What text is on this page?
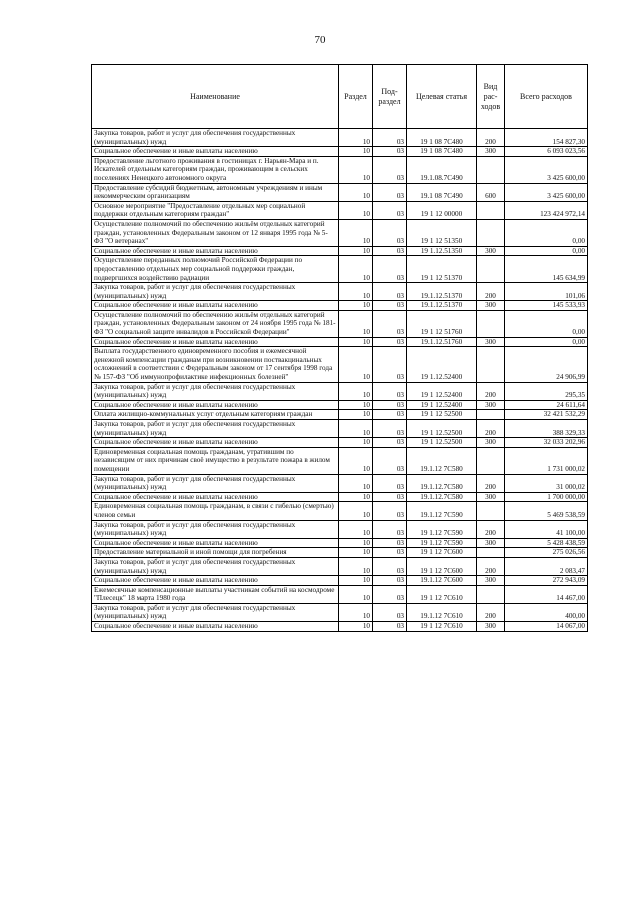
70
Наименование	Раздел	Под-раздел	Целевая статья	Вид рас-ходов	Всего расходов
Закупка товаров, работ и услуг для обеспечения государственных (муниципальных) нужд	10	03	19 1 08 7С480	200	154 827,30
Социальное обеспечение и иные выплаты населению	10	03	19 1 08 7С480	300	6 093 023,56
Предоставление льготного проживания в гостиницах г. Нарьян-Мара и п. Искателей отдельным категориям граждан, проживающим в сельских поселениях Ненецкого автономного округа	10	03	19.1.08.7С490		3 425 600,00
Предоставление субсидий бюджетным, автономным учреждениям и иным некоммерческим организациям	10	03	19.1 08 7С490	600	3 425 600,00
Основное мероприятие "Предоставление отдельных мер социальной поддержки отдельным категориям граждан"	10	03	19 1 12 00000		123 424 972,14
Осуществление полномочий по обеспечению жильём отдельных категорий граждан, установленных Федеральным законом от 12 января 1995 года № 5-ФЗ "О ветеранах"	10	03	19 1 12 51350		0,00
Социальное обеспечение и иные выплаты населению	10	03	19 1.12.51350	300	0,00
Осуществление переданных полномочий Российской Федерации по предоставлению отдельных мер социальной поддержки граждан, подвергшихся воздействию радиации	10	03	19 1 12 51370		145 634,99
Закупка товаров, работ и услуг для обеспечения государственных (муниципальных) нужд	10	03	19.1.12.51370	200	101,06
Социальное обеспечение и иные выплаты населению	10	03	19.1.12.51370	300	145 533,93
Осуществление полномочий по обеспечению жильём отдельных категорий граждан, установленных Федеральным законом от 24 ноября 1995 года № 181-ФЗ "О социальной защите инвалидов в Российской Федерации"	10	03	19 1 12 51760		0,00
Социальное обеспечение и иные выплаты населению	10	03	19.1.12.51760	300	0,00
Выплата государственного единовременного пособия и ежемесячной денежной компенсации гражданам при возникновении поствакцинальных осложнений в соответствии с Федеральным законом от 17 сентября 1998 года № 157-ФЗ "Об иммунопрофилактике инфекционных болезней"	10	03	19 1.12.52400		24 906,99
Закупка товаров, работ и услуг для обеспечения государственных (муниципальных) нужд	10	03	19 1 12.52400	200	295,35
Социальное обеспечение и иные выплаты населению	10	03	19 1 12.52400	300	24 611,64
Оплата жилищно-коммунальных услуг отдельным категориям граждан	10	03	19 1 12 52500		32 421 532,29
Закупка товаров, работ и услуг для обеспечения государственных (муниципальных) нужд	10	03	19 1 12.52500	200	388 329,33
Социальное обеспечение и иные выплаты населению	10	03	19 1 12.52500	300	32 033 202,96
Единовременная социальная помощь гражданам, утратившим по независящим от них причинам своё имущество в результате пожара в жилом помещении	10	03	19.1.12 7С580		1 731 000,02
Закупка товаров, работ и услуг для обеспечения государственных (муниципальных) нужд	10	03	19.1.12.7С580	200	31 000,02
Социальное обеспечение и иные выплаты населению	10	03	19.1.12.7С580	300	1 700 000,00
Единовременная социальная помощь гражданам, в связи с гибелью (смертью) членов семьи	10	03	19.1.12 7С590		5 469 538,59
Закупка товаров, работ и услуг для обеспечения государственных (муниципальных) нужд	10	03	19 1.12 7С590	200	41 100,00
Социальное обеспечение и иные выплаты населению	10	03	19 1.12 7С590	300	5 428 438,59
Предоставление материальной и иной помощи для погребения	10	03	19 1 12 7С600		275 026,56
Закупка товаров, работ и услуг для обеспечения государственных (муниципальных) нужд	10	03	19 1 12 7С600	200	2 083,47
Социальное обеспечение и иные выплаты населению	10	03	19.1.12 7С600	300	272 943,09
Ежемесячные компенсационные выплаты участникам событий на космодроме "Плесецк" 18 марта 1980 года	10	03	19 1 12 7С610		14 467,00
Закупка товаров, работ и услуг для обеспечения государственных (муниципальных) нужд	10	03	19.1.12 7С610	200	400,00
Социальное обеспечение и иные выплаты населению	10	03	19 1 12 7С610	300	14 067,00
